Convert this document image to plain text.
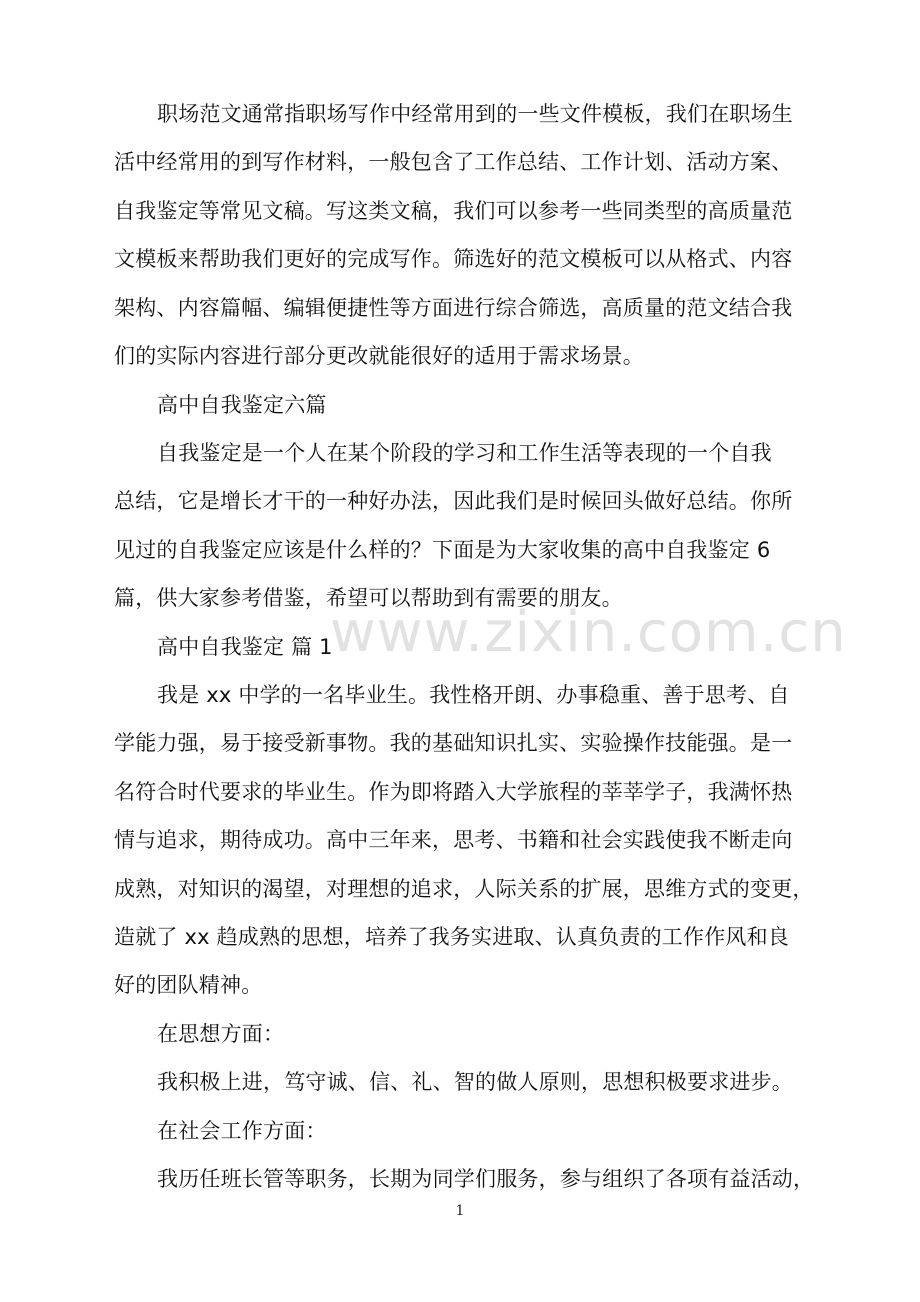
职场范文通常指职场写作中经常用到的一些文件模板，我们在职场生
活中经常用的到写作材料，一般包含了工作总结、工作计划、活动方案、
自我鉴定等常见文稿。写这类文稿，我们可以参考一些同类型的高质量范
文模板来帮助我们更好的完成写作。筛选好的范文模板可以从格式、内容
架构、内容篇幅、编辑便捷性等方面进行综合筛选，高质量的范文结合我
们的实际内容进行部分更改就能很好的适用于需求场景。
高中自我鉴定六篇
自我鉴定是一个人在某个阶段的学习和工作生活等表现的一个自我
总结，它是增长才干的一种好办法，因此我们是时候回头做好总结。你所
见过的自我鉴定应该是什么样的？下面是为大家收集的高中自我鉴定 6
篇，供大家参考借鉴，希望可以帮助到有需要的朋友。
高中自我鉴定 篇 1
我是 xx 中学的一名毕业生。我性格开朗、办事稳重、善于思考、自
学能力强，易于接受新事物。我的基础知识扎实、实验操作技能强。是一
名符合时代要求的毕业生。作为即将踏入大学旅程的莘莘学子，我满怀热
情与追求，期待成功。高中三年来，思考、书籍和社会实践使我不断走向
成熟，对知识的渴望，对理想的追求，人际关系的扩展，思维方式的变更，
造就了 xx 趋成熟的思想，培养了我务实进取、认真负责的工作作风和良
好的团队精神。
在思想方面：
我积极上进，笃守诚、信、礼、智的做人原则，思想积极要求进步。
在社会工作方面：
我历任班长管等职务，长期为同学们服务，参与组织了各项有益活动，
www.zixin.com.cn
1
